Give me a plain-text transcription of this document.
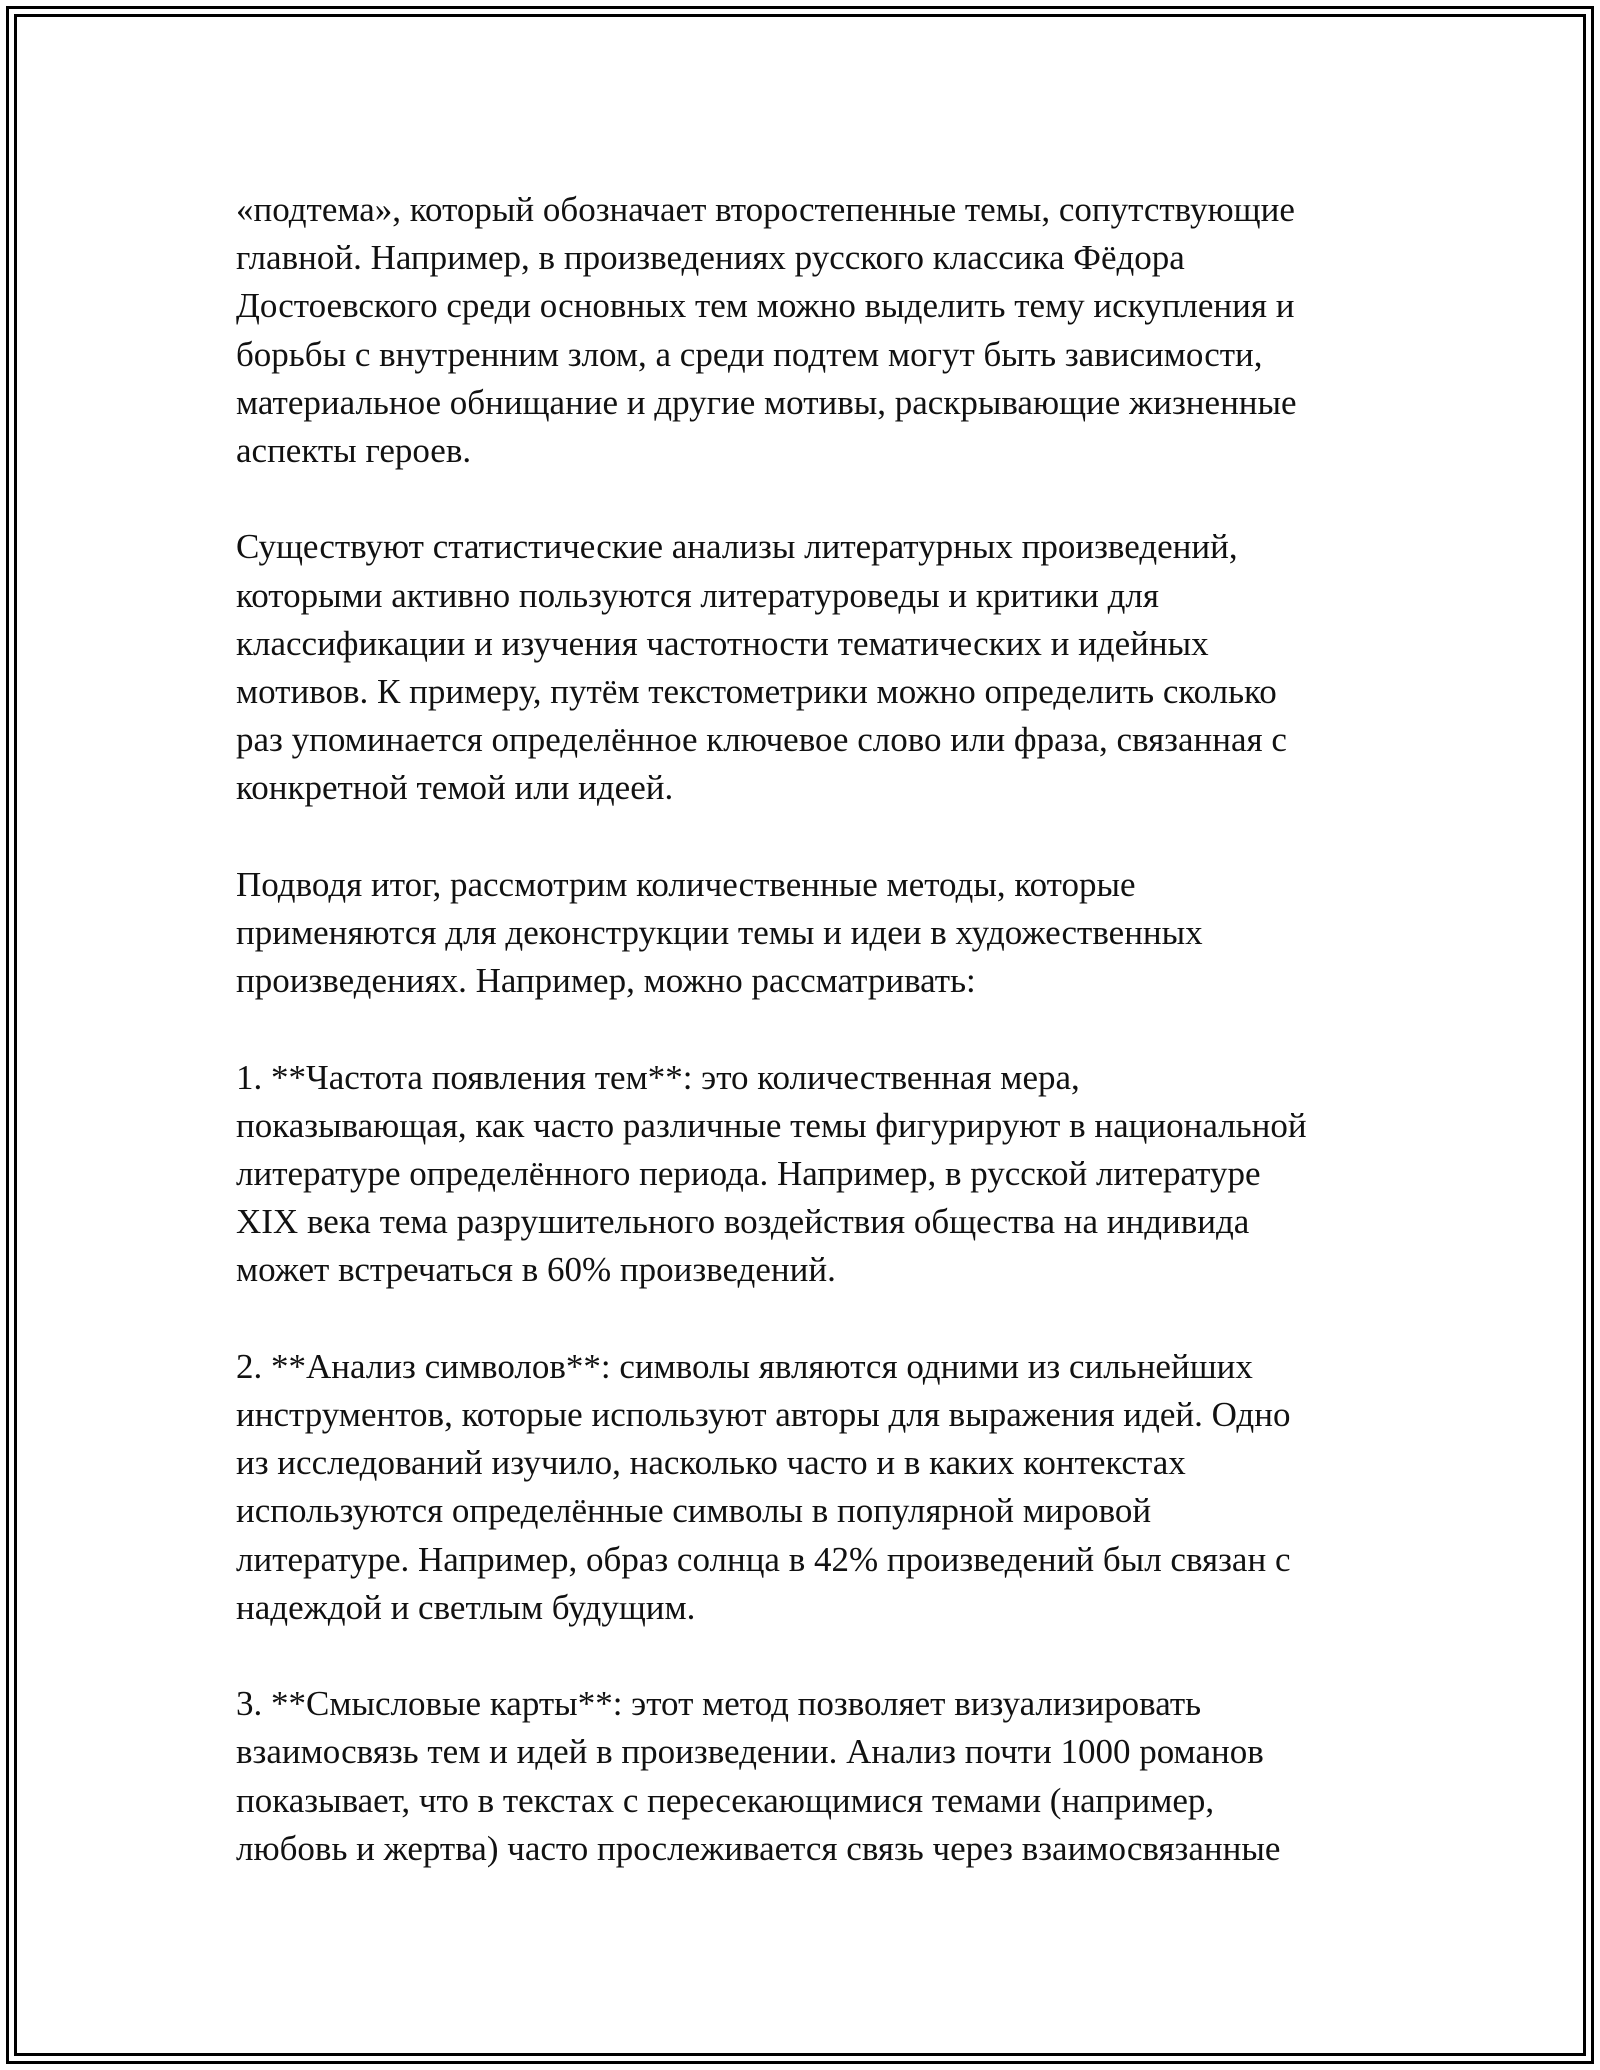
«подтема», который обозначает второстепенные темы, сопутствующие
главной. Например, в произведениях русского классика Фёдора
Достоевского среди основных тем можно выделить тему искупления и
борьбы с внутренним злом, а среди подтем могут быть зависимости,
материальное обнищание и другие мотивы, раскрывающие жизненные
аспекты героев.

Существуют статистические анализы литературных произведений,
которыми активно пользуются литературоведы и критики для
классификации и изучения частотности тематических и идейных
мотивов. К примеру, путём текстометрики можно определить сколько
раз упоминается определённое ключевое слово или фраза, связанная с
конкретной темой или идеей.

Подводя итог, рассмотрим количественные методы, которые
применяются для деконструкции темы и идеи в художественных
произведениях. Например, можно рассматривать:

1. **Частота появления тем**: это количественная мера,
показывающая, как часто различные темы фигурируют в национальной
литературе определённого периода. Например, в русской литературе
XIX века тема разрушительного воздействия общества на индивида
может встречаться в 60% произведений.

2. **Анализ символов**: символы являются одними из сильнейших
инструментов, которые используют авторы для выражения идей. Одно
из исследований изучило, насколько часто и в каких контекстах
используются определённые символы в популярной мировой
литературе. Например, образ солнца в 42% произведений был связан с
надеждой и светлым будущим.

3. **Смысловые карты**: этот метод позволяет визуализировать
взаимосвязь тем и идей в произведении. Анализ почти 1000 романов
показывает, что в текстах с пересекающимися темами (например,
любовь и жертва) часто прослеживается связь через взаимосвязанные
